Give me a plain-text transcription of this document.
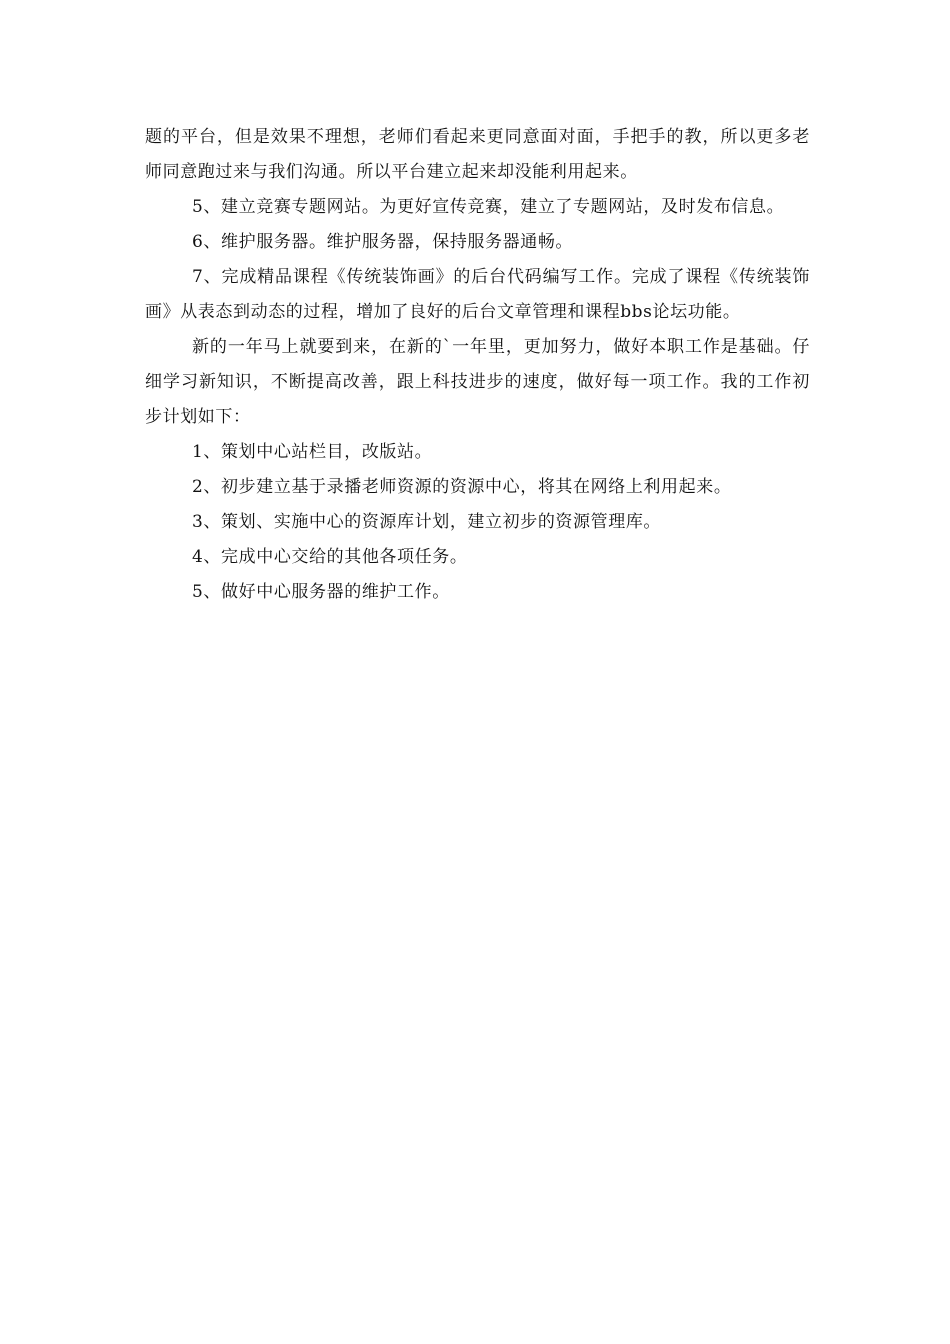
题的平台，但是效果不理想，老师们看起来更同意面对面，手把手的教，所以更多老师同意跑过来与我们沟通。所以平台建立起来却没能利用起来。

5、建立竞赛专题网站。为更好宣传竞赛，建立了专题网站，及时发布信息。

6、维护服务器。维护服务器，保持服务器通畅。

7、完成精品课程《传统装饰画》的后台代码编写工作。完成了课程《传统装饰画》从表态到动态的过程，增加了良好的后台文章管理和课程bbs论坛功能。

新的一年马上就要到来，在新的`一年里，更加努力，做好本职工作是基础。仔细学习新知识，不断提高改善，跟上科技进步的速度，做好每一项工作。我的工作初步计划如下：

1、策划中心站栏目，改版站。

2、初步建立基于录播老师资源的资源中心，将其在网络上利用起来。

3、策划、实施中心的资源库计划，建立初步的资源管理库。

4、完成中心交给的其他各项任务。

5、做好中心服务器的维护工作。
